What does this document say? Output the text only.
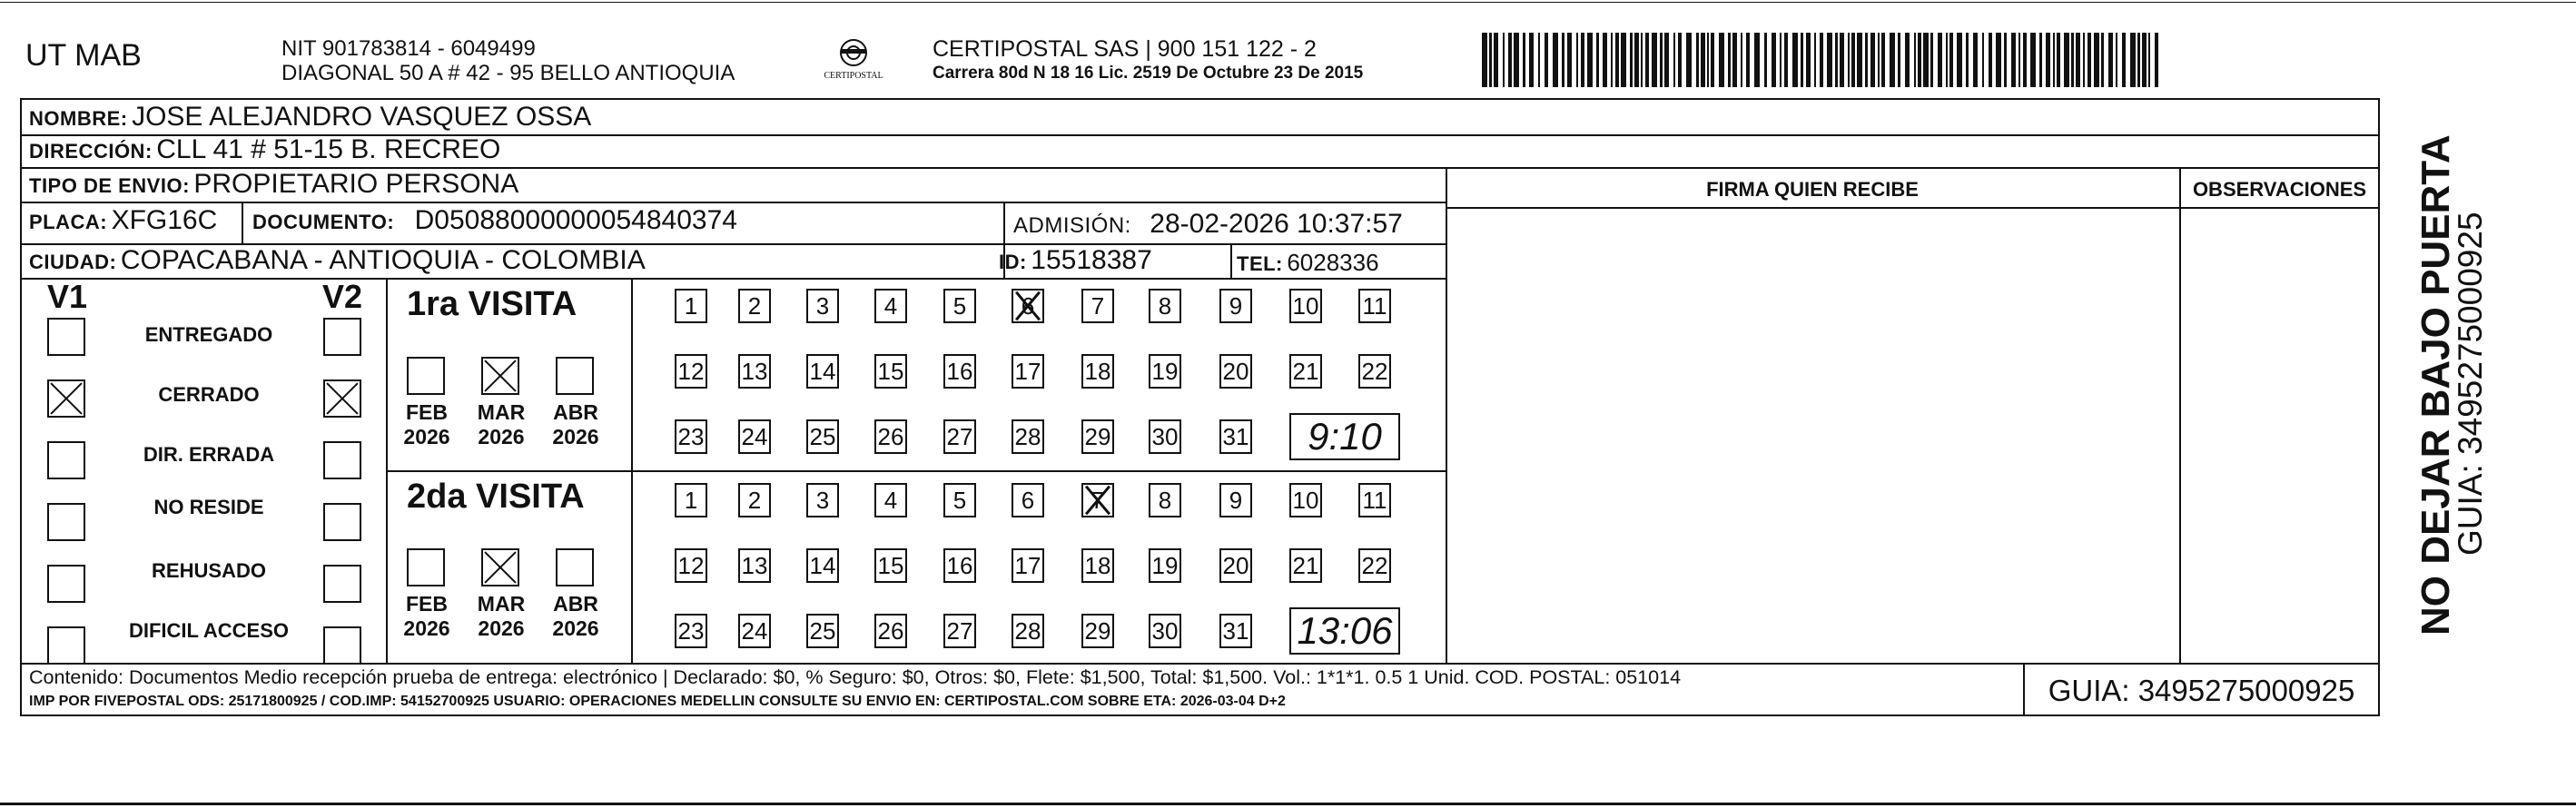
UT MAB	NIT 901783814 - 6049499
DIAGONAL 50 A # 42 - 95 BELLO ANTIOQUIA	CERTIPOSTAL
CERTIPOSTAL SAS | 900 151 122 - 2
Carrera 80d N 18 16 Lic. 2519 De Octubre 23 De 2015
NOMBRE: JOSE ALEJANDRO VASQUEZ OSSA
DIRECCIÓN: CLL 41 # 51-15 B. RECREO
TIPO DE ENVIO: PROPIETARIO PERSONA
PLACA: XFG16C DOCUMENTO: D05088000000054840374	ADMISIÓN: 28-02-2026 10:37:57
CIUDAD: COPACABANA - ANTIOQUIA - COLOMBIA	ID: 15518387	TEL: 6028336
FIRMA QUIEN RECIBE	OBSERVACIONES
V1	V2
ENTREGADO
CERRADO
DIR. ERRADA
NO RESIDE
REHUSADO
DIFICIL ACCESO
1ra VISITA
2da VISITA
FEB
2026
MAR
2026
ABR
2026
1	2	3	4	5	6	7	8	9	10 11
12 13 14 15 16 17 18 19 20 21 22
23 24 25 26 27 28 29 30 31	9:10
FEB
2026
MAR
2026
ABR
2026
1	2	3	4	5	6	7	8	9	10 11
12 13 14 15 16 17 18 19 20 21 22
23 24 25 26 27 28 29 30 31 13:06
Contenido: Documentos Medio recepción prueba de entrega: electrónico | Declarado: $0, % Seguro: $0, Otros: $0, Flete: $1,500, Total: $1,500. Vol.: 1*1*1. 0.5 1 Unid. COD. POSTAL: 051014
IMP POR FIVEPOSTAL ODS: 25171800925 / COD.IMP: 54152700925 USUARIO: OPERACIONES MEDELLIN CONSULTE SU ENVIO EN: CERTIPOSTAL.COM SOBRE ETA: 2026-03-04 D+2	GUIA: 3495275000925
NO DEJAR BAJO PUERTA
GUIA: 3495275000925
